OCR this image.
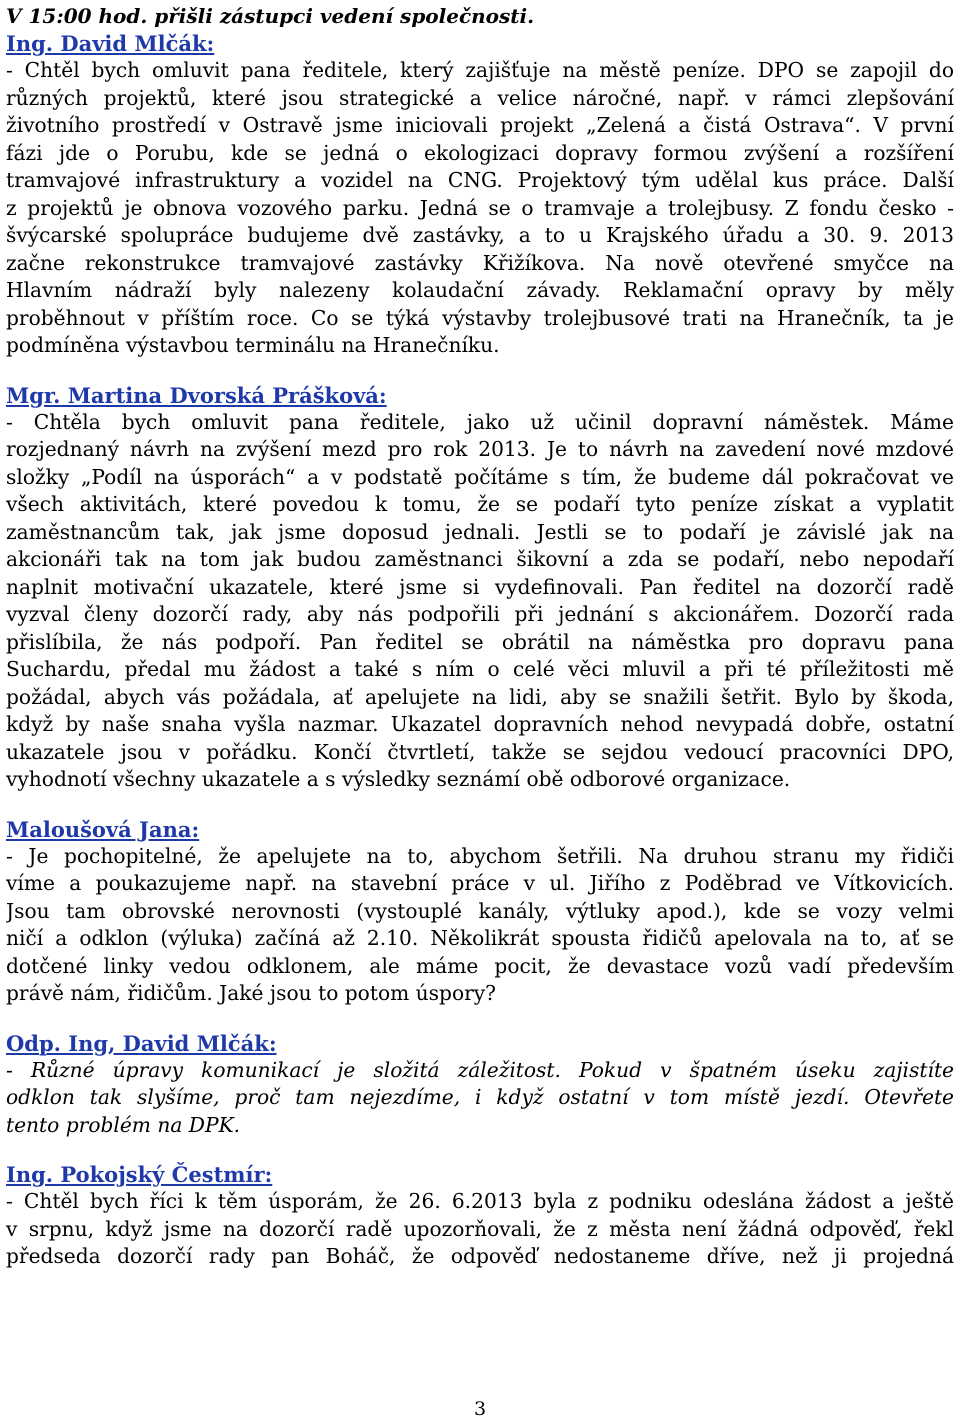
V 15:00 hod. přišli zástupci vedení společnosti.
Ing. David Mlčák:
- Chtěl bych omluvit pana ředitele, který zajišťuje na městě peníze. DPO se zapojil do
různých projektů, které jsou strategické a velice náročné, např. v rámci zlepšování
životního prostředí v Ostravě jsme iniciovali projekt „Zelená a čistá Ostrava“. V první
fázi jde o Porubu, kde se jedná o ekologizaci dopravy formou zvýšení a rozšíření
tramvajové infrastruktury a vozidel na CNG. Projektový tým udělal kus práce. Další
z projektů je obnova vozového parku. Jedná se o tramvaje a trolejbusy. Z fondu česko -
švýcarské spolupráce budujeme dvě zastávky, a to u Krajského úřadu a 30. 9. 2013
začne rekonstrukce tramvajové zastávky Křižíkova. Na nově otevřené smyčce na
Hlavním nádraží byly nalezeny kolaudační závady. Reklamační opravy by měly
proběhnout v příštím roce. Co se týká výstavby trolejbusové trati na Hranečník, ta je
podmíněna výstavbou terminálu na Hranečníku.
Mgr. Martina Dvorská Prášková:
- Chtěla bych omluvit pana ředitele, jako už učinil dopravní náměstek. Máme
rozjednaný návrh na zvýšení mezd pro rok 2013. Je to návrh na zavedení nové mzdové
složky „Podíl na úsporách“ a v podstatě počítáme s tím, že budeme dál pokračovat ve
všech aktivitách, které povedou k tomu, že se podaří tyto peníze získat a vyplatit
zaměstnancům tak, jak jsme doposud jednali. Jestli se to podaří je závislé jak na
akcionáři tak na tom jak budou zaměstnanci šikovní a zda se podaří, nebo nepodaří
naplnit motivační ukazatele, které jsme si vydefinovali. Pan ředitel na dozorčí radě
vyzval členy dozorčí rady, aby nás podpořili při jednání s akcionářem. Dozorčí rada
přislíbila, že nás podpoří. Pan ředitel se obrátil na náměstka pro dopravu pana
Suchardu, předal mu žádost a také s ním o celé věci mluvil a při té příležitosti mě
požádal, abych vás požádala, ať apelujete na lidi, aby se snažili šetřit. Bylo by škoda,
když by naše snaha vyšla nazmar. Ukazatel dopravních nehod nevypadá dobře, ostatní
ukazatele jsou v pořádku. Končí čtvrtletí, takže se sejdou vedoucí pracovníci DPO,
vyhodnotí všechny ukazatele a s výsledky seznámí obě odborové organizace.
Maloušová Jana:
- Je pochopitelné, že apelujete na to, abychom šetřili. Na druhou stranu my řidiči
víme a poukazujeme např. na stavební práce v ul. Jiřího z Poděbrad ve Vítkovicích.
Jsou tam obrovské nerovnosti (vystouplé kanály, výtluky apod.), kde se vozy velmi
ničí a odklon (výluka) začíná až 2.10. Několikrát spousta řidičů apelovala na to, ať se
dotčené linky vedou odklonem, ale máme pocit, že devastace vozů vadí především
právě nám, řidičům. Jaké jsou to potom úspory?
Odp. Ing, David Mlčák:
- Různé úpravy komunikací je složitá záležitost. Pokud v špatném úseku zajistíte
odklon tak slyšíme, proč tam nejezdíme, i když ostatní v tom místě jezdí. Otevřete
tento problém na DPK.
Ing. Pokojský Čestmír:
- Chtěl bych říci k těm úsporám, že 26. 6.2013 byla z podniku odeslána žádost a ještě
v srpnu, když jsme na dozorčí radě upozorňovali, že z města není žádná odpověď, řekl
předseda dozorčí rady pan Boháč, že odpověď nedostaneme dříve, než ji projedná
3
